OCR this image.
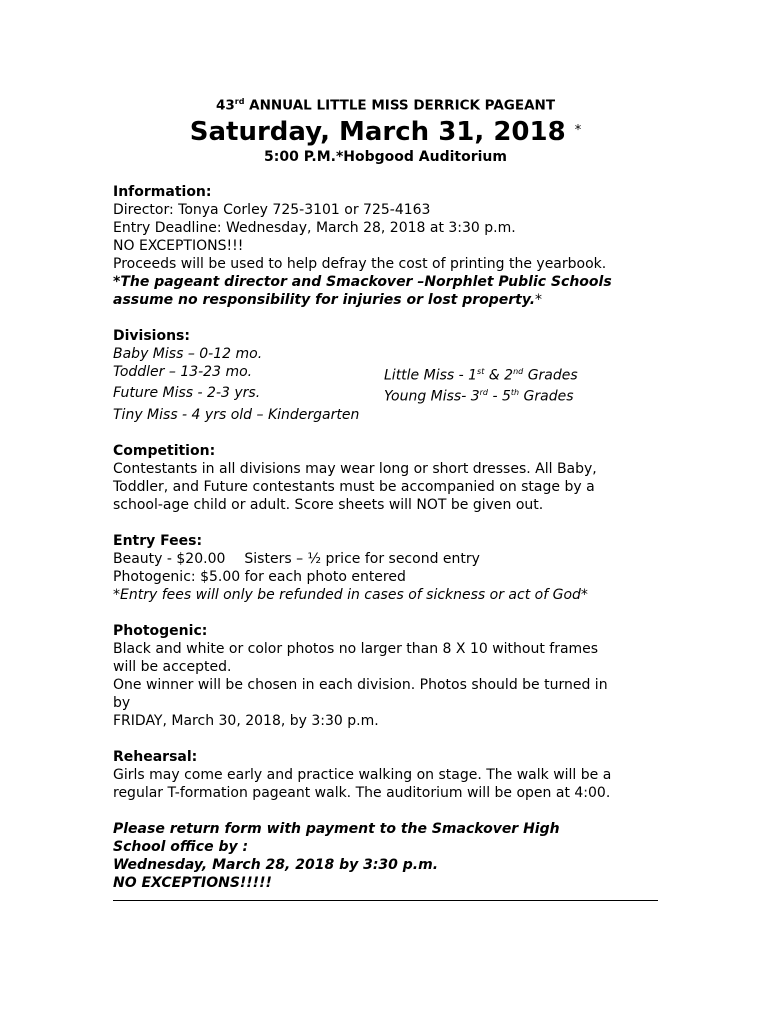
43rd ANNUAL LITTLE MISS DERRICK PAGEANT
Saturday, March 31, 2018 *
5:00 P.M.*Hobgood Auditorium
Information:
Director: Tonya Corley 725-3101 or 725-4163
Entry Deadline: Wednesday, March 28, 2018 at 3:30 p.m.
NO EXCEPTIONS!!!
Proceeds will be used to help defray the cost of printing the yearbook.
*The pageant director and Smackover –Norphlet Public Schools
assume no responsibility for injuries or lost property.*
Divisions:
Baby Miss – 0-12 mo.
Toddler – 13-23 mo.	Little Miss - 1st & 2nd Grades
Future Miss - 2-3 yrs.	Young Miss- 3rd - 5th Grades
Tiny Miss - 4 yrs old – Kindergarten
Competition:
Contestants in all divisions may wear long or short dresses. All Baby,
Toddler, and Future contestants must be accompanied on stage by a
school-age child or adult. Score sheets will NOT be given out.
Entry Fees:
Beauty - $20.00 Sisters – ½ price for second entry
Photogenic: $5.00 for each photo entered
*Entry fees will only be refunded in cases of sickness or act of God*
Photogenic:
Black and white or color photos no larger than 8 X 10 without frames
will be accepted.
One winner will be chosen in each division. Photos should be turned in
by
FRIDAY, March 30, 2018, by 3:30 p.m.
Rehearsal:
Girls may come early and practice walking on stage. The walk will be a
regular T-formation pageant walk. The auditorium will be open at 4:00.
Please return form with payment to the Smackover High
School office by :
Wednesday, March 28, 2018 by 3:30 p.m.
NO EXCEPTIONS!!!!!
